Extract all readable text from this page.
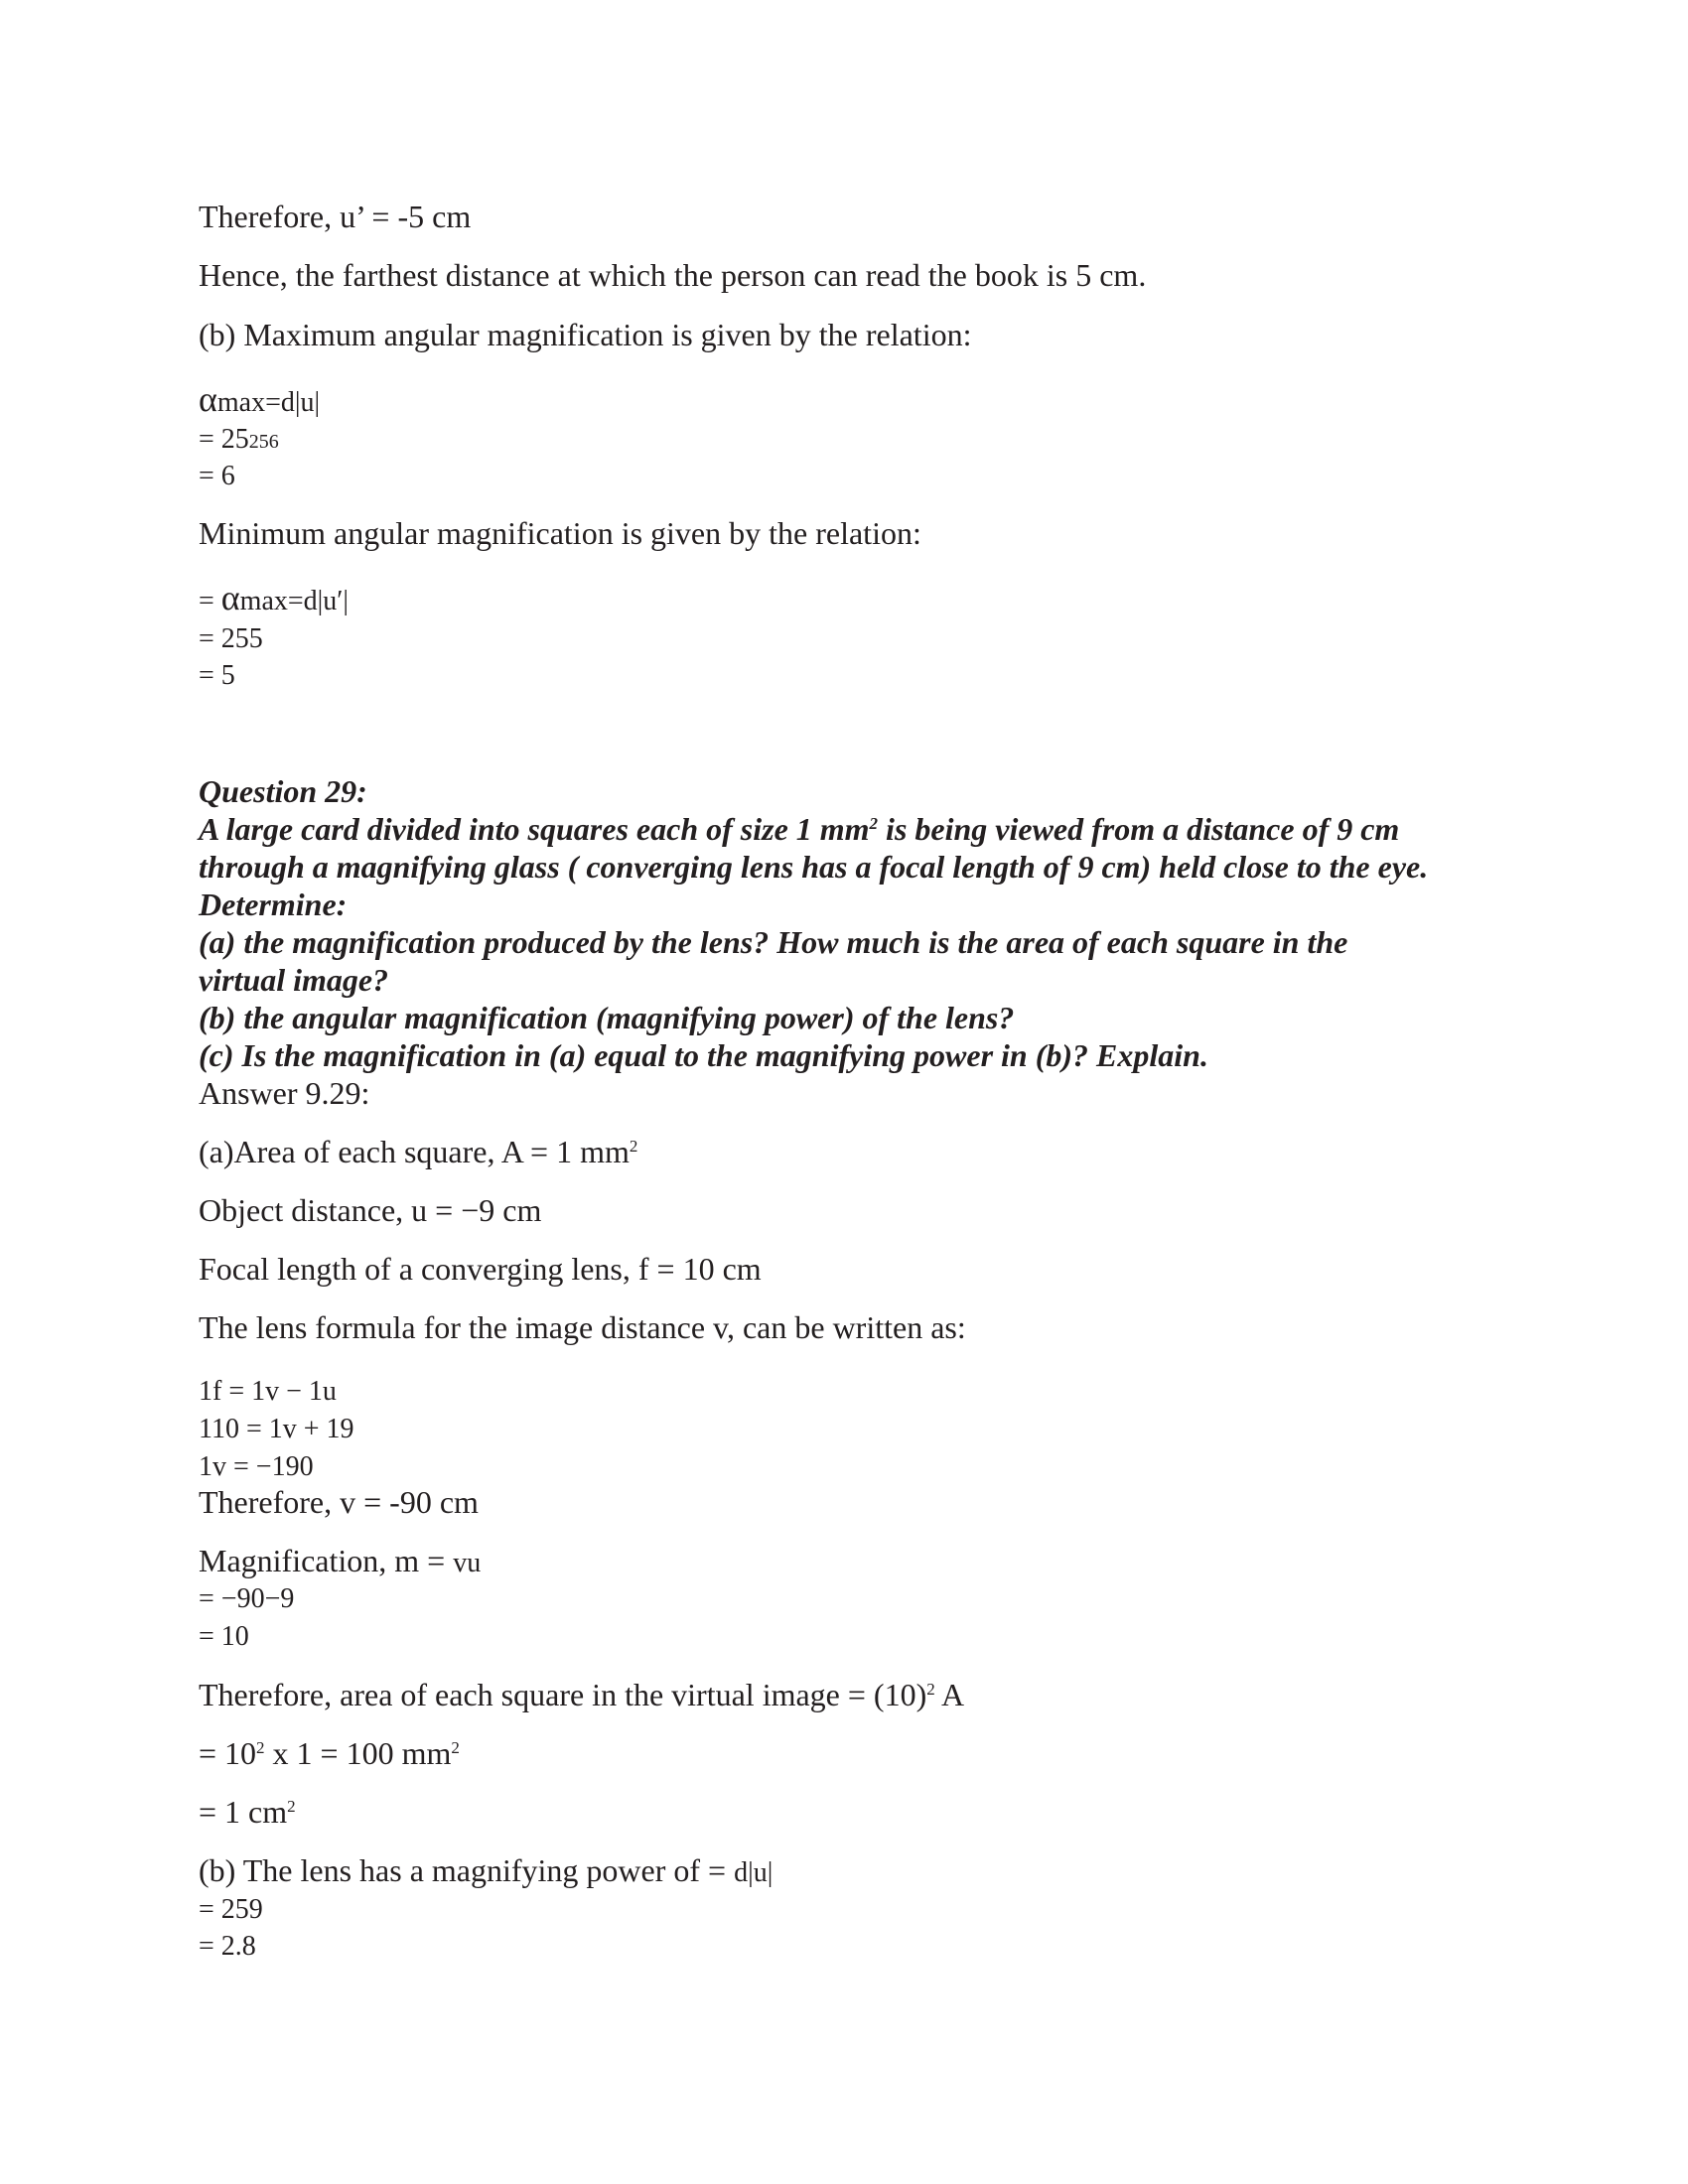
Therefore, u’ = -5 cm
Hence, the farthest distance at which the person can read the book is 5 cm.
(b) Maximum angular magnification is given by the relation:
αmax=d|u|
= 25256
= 6
Minimum angular magnification is given by the relation:
= αmax=d|u′|
= 255
= 5
Question 29:
A large card divided into squares each of size 1 $mm^2$ is being viewed from a distance of 9 cm
through a magnifying glass ( converging lens has a focal length of 9 cm) held close to the eye.
Determine:
(a) the magnification produced by the lens? How much is the area of each square in the
virtual image?
(b) the angular magnification (magnifying power) of the lens?
(c) Is the magnification in (a) equal to the magnifying power in (b)? Explain.
Answer 9.29:
(a)Area of each square, A = 1 $mm^2$
Object distance, u = −9 cm
Focal length of a converging lens, f = 10 cm
The lens formula for the image distance v, can be written as:
1f = 1v − 1u
110 = 1v + 19
1v = −190
Therefore, v = -90 cm
Magnification, m = vu
= −90−9
= 10
Therefore, area of each square in the virtual image = $(10)^2$ A
= $10^2$ x 1 = 100 $mm^2$
= 1 $cm^2$
(b) The lens has a magnifying power of = d|u|
= 259
= 2.8
